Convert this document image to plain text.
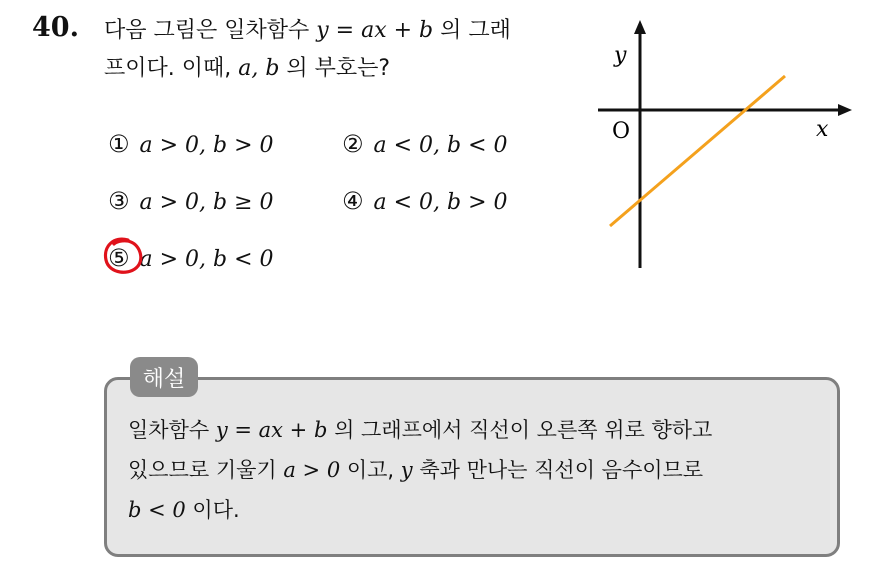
40. 다음 그림은 일차함수 y = ax + b 의 그래
프이다. 이때, a, b 의 부호는?
① a > 0, b > 0	② a < 0, b < 0
③ a > 0, b ≥ 0	④ a < 0, b > 0
⑤ a > 0, b < 0
y
x
O
해설
일차함수 y = ax + b 의 그래프에서 직선이 오른쪽 위로 향하고
있으므로 기울기 a > 0 이고, y 축과 만나는 직선이 음수이므로
b < 0 이다.
